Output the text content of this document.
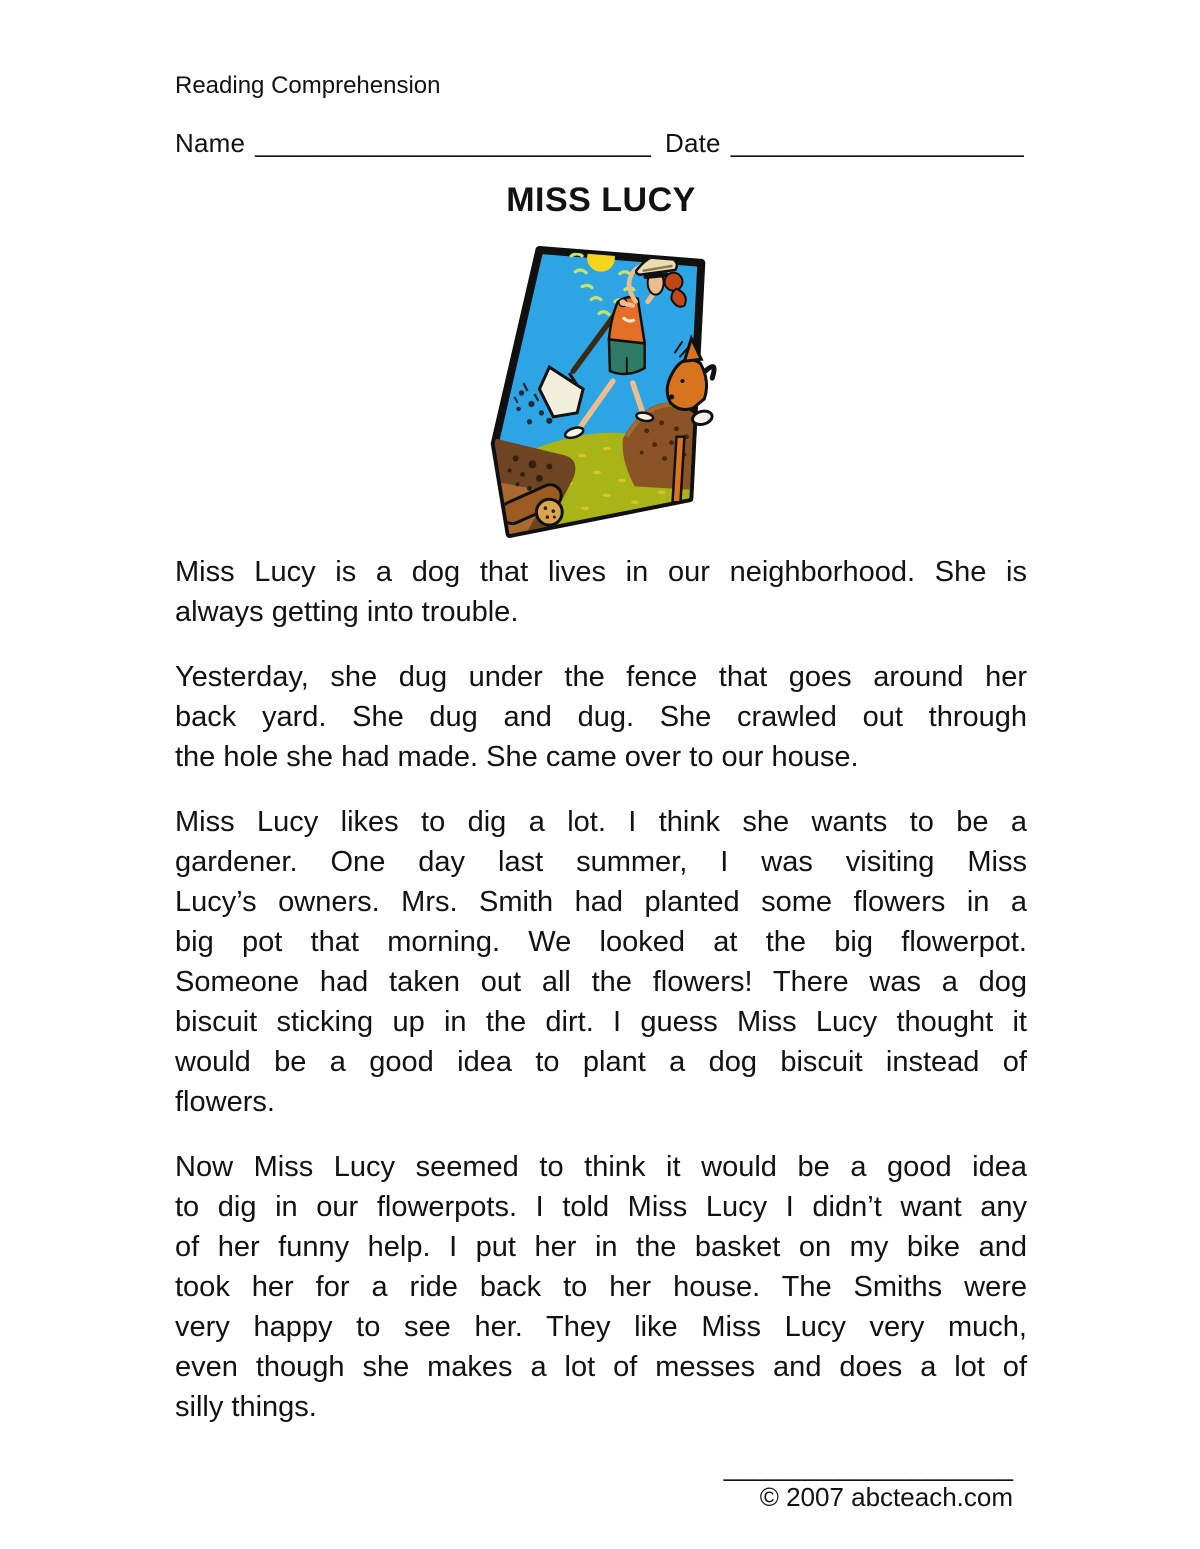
Reading Comprehension
Name ___________________________ Date ____________________
MISS LUCY
Miss Lucy is a dog that lives in our neighborhood. She is
always getting into trouble.
Yesterday, she dug under the fence that goes around her
back yard. She dug and dug. She crawled out through
the hole she had made. She came over to our house.
Miss Lucy likes to dig a lot. I think she wants to be a
gardener. One day last summer, I was visiting Miss
Lucy’s owners. Mrs. Smith had planted some flowers in a
big pot that morning. We looked at the big flowerpot.
Someone had taken out all the flowers! There was a dog
biscuit sticking up in the dirt. I guess Miss Lucy thought it
would be a good idea to plant a dog biscuit instead of
flowers.
Now Miss Lucy seemed to think it would be a good idea
to dig in our flowerpots. I told Miss Lucy I didn’t want any
of her funny help. I put her in the basket on my bike and
took her for a ride back to her house. The Smiths were
very happy to see her. They like Miss Lucy very much,
even though she makes a lot of messes and does a lot of
silly things.
____________________
© 2007 abcteach.com
